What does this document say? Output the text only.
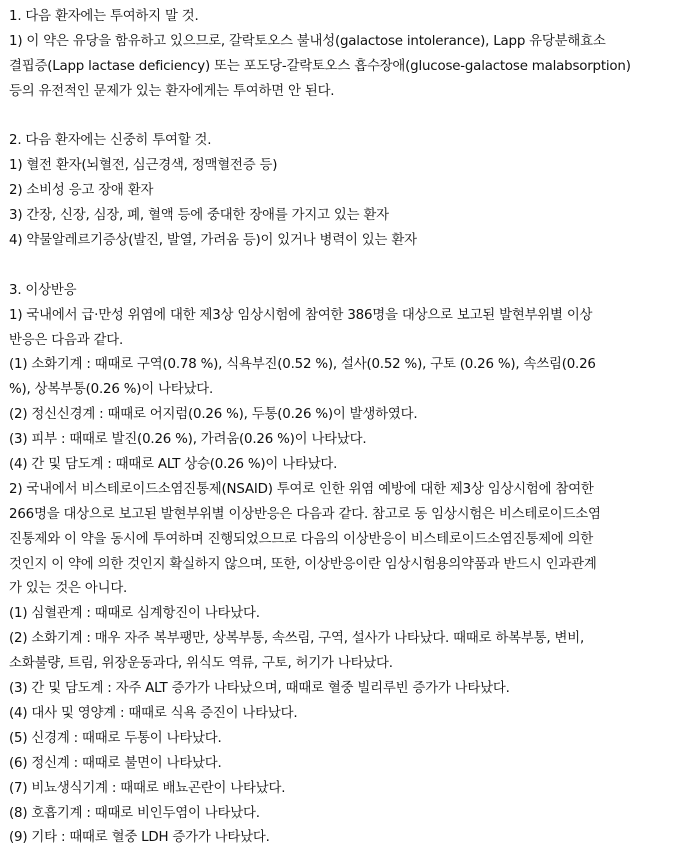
1. 다음 환자에는 투여하지 말 것.
1) 이 약은 유당을 함유하고 있으므로, 갈락토오스 불내성(galactose intolerance), Lapp 유당분해효소
결핍증(Lapp lactase deficiency) 또는 포도당-갈락토오스 흡수장애(glucose-galactose malabsorption)
등의 유전적인 문제가 있는 환자에게는 투여하면 안 된다.
2. 다음 환자에는 신중히 투여할 것.
1) 혈전 환자(뇌혈전, 심근경색, 정맥혈전증 등)
2) 소비성 응고 장애 환자
3) 간장, 신장, 심장, 폐, 혈액 등에 중대한 장애를 가지고 있는 환자
4) 약물알레르기증상(발진, 발열, 가려움 등)이 있거나 병력이 있는 환자
3. 이상반응
1) 국내에서 급·만성 위염에 대한 제3상 임상시험에 참여한 386명을 대상으로 보고된 발현부위별 이상
반응은 다음과 같다.
(1) 소화기계 : 때때로 구역(0.78 %), 식욕부진(0.52 %), 설사(0.52 %), 구토 (0.26 %), 속쓰림(0.26
%), 상복부통(0.26 %)이 나타났다.
(2) 정신신경계 : 때때로 어지럼(0.26 %), 두통(0.26 %)이 발생하였다.
(3) 피부 : 때때로 발진(0.26 %), 가려움(0.26 %)이 나타났다.
(4) 간 및 담도계 : 때때로 ALT 상승(0.26 %)이 나타났다.
2) 국내에서 비스테로이드소염진통제(NSAID) 투여로 인한 위염 예방에 대한 제3상 임상시험에 참여한
266명을 대상으로 보고된 발현부위별 이상반응은 다음과 같다. 참고로 동 임상시험은 비스테로이드소염
진통제와 이 약을 동시에 투여하며 진행되었으므로 다음의 이상반응이 비스테로이드소염진통제에 의한
것인지 이 약에 의한 것인지 확실하지 않으며, 또한, 이상반응이란 임상시험용의약품과 반드시 인과관계
가 있는 것은 아니다.
(1) 심혈관계 : 때때로 심계항진이 나타났다.
(2) 소화기계 : 매우 자주 복부팽만, 상복부통, 속쓰림, 구역, 설사가 나타났다. 때때로 하복부통, 변비,
소화불량, 트림, 위장운동과다, 위식도 역류, 구토, 허기가 나타났다.
(3) 간 및 담도계 : 자주 ALT 증가가 나타났으며, 때때로 혈중 빌리루빈 증가가 나타났다.
(4) 대사 및 영양계 : 때때로 식욕 증진이 나타났다.
(5) 신경계 : 때때로 두통이 나타났다.
(6) 정신계 : 때때로 불면이 나타났다.
(7) 비뇨생식기계 : 때때로 배뇨곤란이 나타났다.
(8) 호흡기계 : 때때로 비인두염이 나타났다.
(9) 기타 : 때때로 혈중 LDH 증가가 나타났다.
